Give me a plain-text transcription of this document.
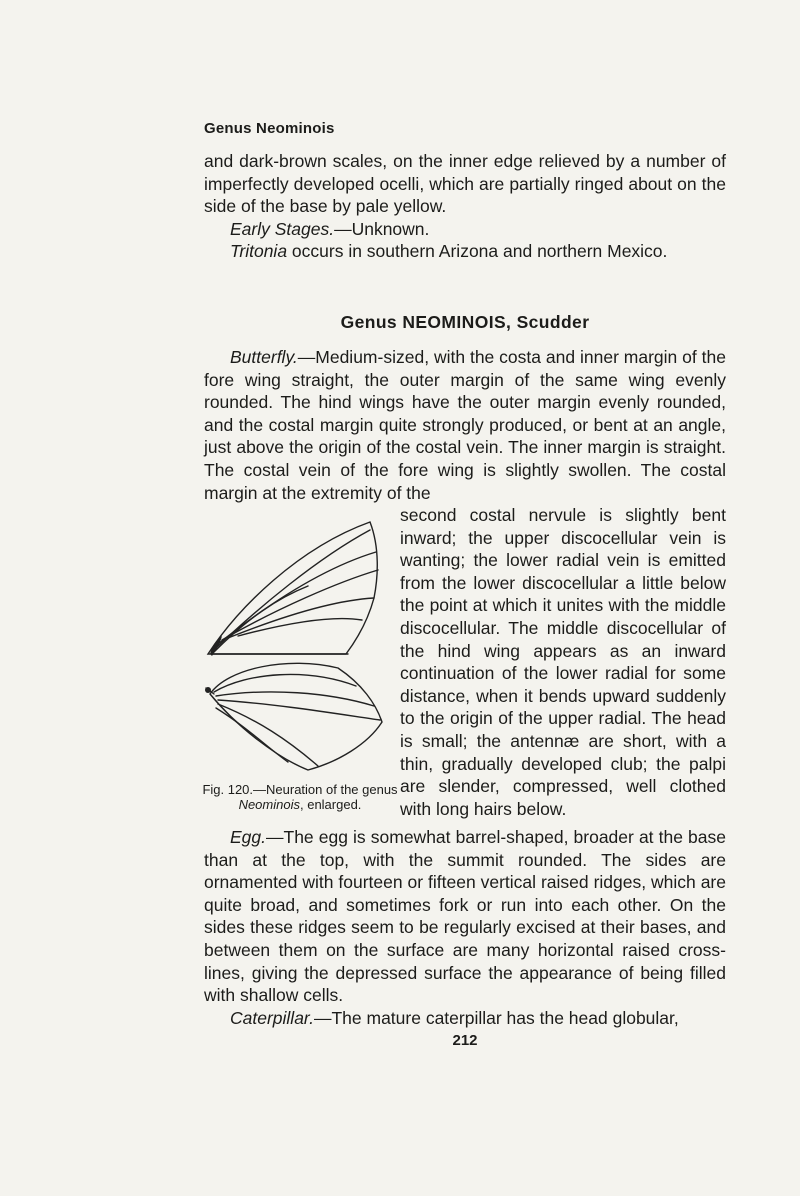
Genus Neominois

and dark-brown scales, on the inner edge relieved by a number of imperfectly developed ocelli, which are partially ringed about on the side of the base by pale yellow.

Early Stages.—Unknown.

Tritonia occurs in southern Arizona and northern Mexico.

Genus NEOMINOIS, Scudder

Butterfly.—Medium-sized, with the costa and inner margin of the fore wing straight, the outer margin of the same wing evenly rounded. The hind wings have the outer margin evenly rounded, and the costal margin quite strongly produced, or bent at an angle, just above the origin of the costal vein. The inner margin is straight. The costal vein of the fore wing is slightly swollen. The costal margin at the extremity of the

second costal nervule is slightly bent inward; the upper discocellular vein is wanting; the lower radial vein is emitted from the lower discocellular a little below the point at which it unites with the middle discocellular. The middle discocellular of the hind wing appears as an inward continuation of the lower radial for some distance, when it bends upward suddenly to the origin of the upper radial. The head is small; the antennæ are short, with a thin, gradually developed club; the palpi are slender, compressed, well clothed with long hairs below.
Fig. 120.—Neuration of the genus Neominois, enlarged.

Egg.—The egg is somewhat barrel-shaped, broader at the base than at the top, with the summit rounded. The sides are ornamented with fourteen or fifteen vertical raised ridges, which are quite broad, and sometimes fork or run into each other. On the sides these ridges seem to be regularly excised at their bases, and between them on the surface are many horizontal raised cross-lines, giving the depressed surface the appearance of being filled with shallow cells.

Caterpillar.—The mature caterpillar has the head globular,

212
